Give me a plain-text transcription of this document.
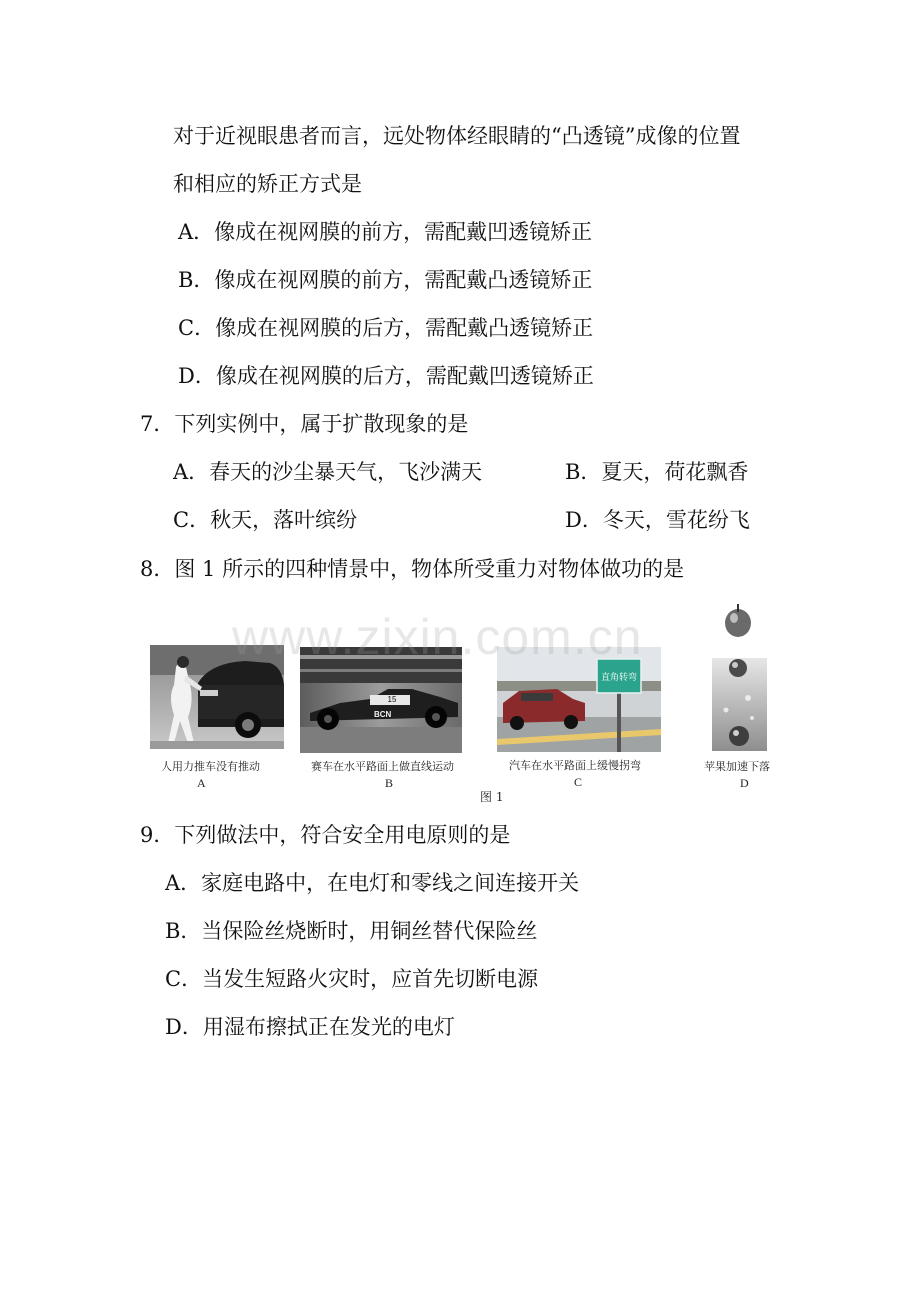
对于近视眼患者而言，远处物体经眼睛的“凸透镜”成像的位置
和相应的矫正方式是
A．像成在视网膜的前方，需配戴凹透镜矫正
B．像成在视网膜的前方，需配戴凸透镜矫正
C．像成在视网膜的后方，需配戴凸透镜矫正
D．像成在视网膜的后方，需配戴凹透镜矫正
7．下列实例中，属于扩散现象的是
A．春天的沙尘暴天气，飞沙满天	B．夏天，荷花飘香
C．秋天，落叶缤纷	D．冬天，雪花纷飞
8．图 1 所示的四种情景中，物体所受重力对物体做功的是
人用力推车没有推动
A
15
BCN
赛车在水平路面上做直线运动
B
直角转弯
汽车在水平路面上缓慢拐弯
C
苹果加速下落
D
图 1
www.zixin.com.cn
9．下列做法中，符合安全用电原则的是
A．家庭电路中，在电灯和零线之间连接开关
B．当保险丝烧断时，用铜丝替代保险丝
C．当发生短路火灾时，应首先切断电源
D．用湿布擦拭正在发光的电灯
